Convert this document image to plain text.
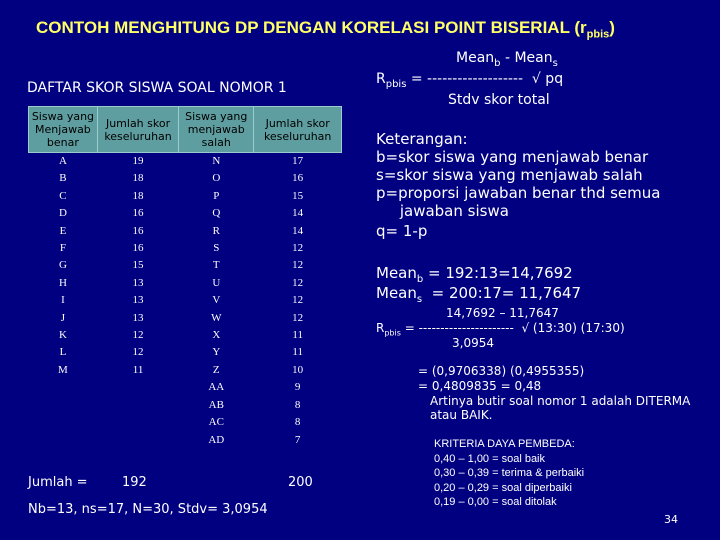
CONTOH MENGHITUNG DP DENGAN KORELASI POINT BISERIAL $(r_{pbis})$
DAFTAR SKOR SISWA SOAL NOMOR 1
Siswa yang Menjawab benar	Jumlah skor keseluruhan	Siswa yang menjawab salah	Jumlah skor keseluruhan
A	19	N	17
B	18	O	16
C	18	P	15
D	16	Q	14
E	16	R	14
F	16	S	12
G	15	T	12
H	13	U	12
I	13	V	12
J	13	W	12
K	12	X	11
L	12	Y	11
M	11	Z	10
		AA	9
		AB	8
		AC	8
		AD	7
Jumlah =	192	200
Nb=13, ns=17, N=30, Stdv= 3,0954
Mean$_b$ - Mean$_s$
$R_{pbis}$ = -------------------  √ pq
Stdv skor total
Keterangan:
b=skor siswa yang menjawab benar
s=skor siswa yang menjawab salah
p=proporsi jawaban benar thd semua
jawaban siswa
q= 1-p
Mean$_b$ = 192:13=14,7692
Mean$_s$  = 200:17= 11,7647
14,7692 – 11,7647
$R_{pbis}$ = ----------------------  √ (13:30) (17:30)
3,0954
= (0,9706338) (0,4955355)
= 0,4809835 = 0,48
Artinya butir soal nomor 1 adalah DITERMA
atau BAIK.
KRITERIA DAYA PEMBEDA:
0,40 – 1,00 = soal baik
0,30 – 0,39 = terima & perbaiki
0,20 – 0,29 = soal diperbaiki
0,19 – 0,00 = soal ditolak
34
